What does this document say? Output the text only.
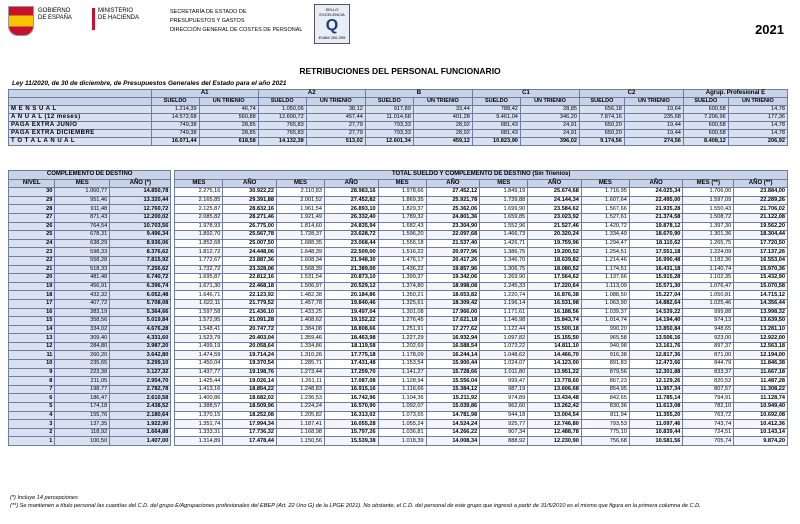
GOBIERNO
DE ESPAÑA
MINISTERIO
DE HACIENDA
SECRETARÍA DE ESTADO DE
PRESUPUESTOS Y GASTOS
DIRECCIÓN GENERAL DE COSTES DE PERSONAL
SELLO EXCELENCIA
Q
EVAM 200-299
2021
RETRIBUCIONES DEL PERSONAL FUNCIONARIO
Ley 11/2020, de 30 de diciembre, de Presupuestos Generales del Estado para el año 2021
	A1		A2		B		C1		C2		Agrup. Profesional E	
	SUELDO	UN TRIENIO	SUELDO	UN TRIENIO	SUELDO	UN TRIENIO	SUELDO	UN TRIENIO	SUELDO	UN TRIENIO	SUELDO	UN TRIENIO
M E N S U A L	1.214,39	46,74	1.050,06	38,12	917,89	33,44	788,42	28,85	656,18	19,64	600,58	14,78
A N U A L (12 meses)	14.572,68	560,88	12.600,72	457,44	11.014,68	401,28	9.461,04	346,20	7.874,16	235,68	7.206,96	177,36
PAGA EXTRA JUNIO	749,38	28,85	765,83	27,79	793,33	28,92	681,43	24,91	650,20	19,44	600,58	14,78
PAGA EXTRA DICIEMBRE	749,38	28,85	765,83	27,79	793,33	28,92	681,43	24,91	650,20	19,44	600,58	14,78
T O T A L A N U A L	16.071,44	618,58	14.132,38	513,02	12.601,34	459,12	10.823,90	396,02	9.174,56	274,56	8.408,12	206,92
COMPLEMENTO DE DESTINO				TOTAL SUELDO Y COMPLEMENTO DE DESTINO (Sin Trienios)											
NIVEL	MES	AÑO (*)		MES	AÑO	MES	AÑO	MES	AÑO	MES	AÑO	MES	AÑO	MES (**)	AÑO (**)
30	1.060,77	14.850,78		2.275,16	30.922,22	2.110,83	28.983,16	1.978,66	27.452,12	1.849,19	25.674,68	1.716,95	24.025,34	1.706,00	23.884,00
29	951,46	13.320,44		2.165,85	29.391,88	2.001,52	27.452,82	1.869,35	25.921,78	1.739,88	24.144,34	1.607,64	22.495,00	1.597,09	22.289,26
28	911,48	12.760,72		2.125,87	28.832,16	1.961,54	26.893,10	1.829,37	25.362,06	1.699,90	23.584,62	1.567,66	21.935,28	1.550,43	21.706,02
27	871,43	12.200,02		2.085,82	28.271,46	1.921,49	26.332,40	1.789,32	24.801,36	1.659,85	23.023,92	1.527,61	21.374,58	1.508,72	21.122,08
26	764,54	10.703,56		1.978,93	26.775,00	1.814,60	24.835,94	1.682,43	23.304,90	1.552,96	21.527,46	1.420,72	19.878,12	1.397,30	19.562,20
25	678,31	9.496,34		1.892,70	25.567,78	1.728,37	23.628,72	1.596,20	22.097,68	1.466,73	20.320,24	1.334,49	18.670,90	1.301,36	18.304,44
24	638,29	8.936,06		1.852,68	25.007,50	1.688,35	23.068,44	1.556,18	21.537,40	1.426,71	19.759,96	1.294,47	18.110,62	1.265,75	17.720,50
23	598,33	8.376,62		1.812,72	24.448,06	1.648,39	22.509,00	1.516,22	20.977,96	1.386,75	19.200,52	1.254,51	17.551,18	1.224,09	17.137,26
22	558,28	7.815,92		1.772,67	23.887,36	1.608,34	21.948,30	1.476,17	20.417,26	1.346,70	18.639,82	1.214,46	16.990,48	1.182,36	16.553,04
21	518,33	7.256,62		1.732,72	23.328,06	1.568,39	21.389,00	1.436,22	19.857,96	1.306,75	18.080,52	1.174,51	16.431,18	1.140,74	15.970,36
20	481,48	6.740,72		1.695,87	22.812,16	1.531,54	20.873,10	1.399,37	19.342,06	1.269,90	17.564,62	1.137,66	15.915,28	1.102,35	15.432,90
19	456,91	6.396,74		1.671,30	22.468,18	1.506,97	20.529,12	1.374,80	18.998,08	1.245,33	17.220,64	1.113,09	15.571,30	1.076,47	15.070,58
18	432,32	6.052,48		1.646,71	22.123,92	1.482,38	20.184,86	1.350,21	18.653,82	1.220,74	16.876,38	1.088,50	15.227,04	1.050,81	14.715,12
17	407,72	5.708,08		1.622,11	21.779,52	1.457,78	19.840,46	1.325,61	18.309,42	1.196,14	16.531,98	1.063,90	14.882,64	1.025,46	14.356,44
16	383,19	5.364,66		1.597,58	21.436,10	1.433,25	19.497,04	1.301,08	17.966,00	1.171,61	16.188,56	1.039,37	14.539,22	999,88	13.998,32
15	358,56	5.019,84		1.572,95	21.091,28	1.408,62	19.152,22	1.276,45	17.621,18	1.146,98	15.843,74	1.014,74	14.194,40	974,13	13.639,50
14	334,02	4.676,28		1.548,41	20.747,72	1.384,08	18.808,66	1.251,91	17.277,62	1.122,44	15.500,18	990,20	13.850,84	948,65	13.281,10
13	309,40	4.331,60		1.523,79	20.403,04	1.359,46	18.463,98	1.227,29	16.932,94	1.097,82	15.155,50	965,58	13.506,16	923,00	12.922,00
12	284,80	3.987,20		1.499,19	20.058,64	1.334,86	18.119,58	1.202,69	16.588,54	1.073,22	14.811,10	940,98	13.161,76	897,37	12.563,18
11	260,20	3.642,80		1.474,59	19.714,24	1.310,26	17.775,18	1.178,09	16.244,14	1.048,62	14.466,70	916,38	12.817,36	871,00	12.194,00
10	235,65	3.299,10		1.450,04	19.370,54	1.285,71	17.431,48	1.153,54	15.900,44	1.024,07	14.123,00	891,83	12.473,66	844,79	11.846,38
9	223,38	3.127,32		1.437,77	19.198,76	1.273,44	17.259,70	1.141,27	15.728,66	1.011,80	13.951,22	879,56	12.301,88	833,37	11.667,18
8	211,05	2.954,70		1.425,44	19.026,14	1.261,11	17.087,08	1.128,94	15.556,04	999,47	13.778,60	867,23	12.129,26	820,52	11.487,28
7	198,77	2.782,78		1.413,16	18.854,22	1.248,83	16.915,16	1.116,66	15.384,12	987,19	13.606,68	854,95	11.957,34	807,57	11.308,22
6	186,47	2.610,58		1.400,86	18.682,02	1.236,53	16.742,96	1.104,36	15.211,92	974,89	13.434,48	842,65	11.785,14	794,91	11.128,74
5	174,18	2.438,52		1.388,57	18.509,96	1.224,24	16.570,90	1.092,07	15.039,86	962,60	13.262,42	830,36	11.613,08	782,10	10.949,40
4	155,76	2.180,64		1.370,15	18.252,08	1.205,82	16.313,02	1.073,65	14.781,98	944,18	13.004,54	811,94	11.355,20	763,72	10.692,08
3	137,35	1.922,90		1.351,74	17.994,34	1.187,41	16.055,28	1.055,24	14.524,24	925,77	12.746,80	793,53	11.097,46	743,74	10.412,36
2	118,92	1.664,88		1.333,31	17.736,32	1.168,98	15.797,26	1.036,81	14.266,22	907,34	12.488,78	775,10	10.839,44	724,51	10.143,14
1	100,50	1.407,00		1.314,89	17.478,44	1.150,56	15.539,38	1.018,39	14.008,34	888,92	12.230,90	756,68	10.581,56	705,74	9.874,20
(*) Incluye 14 percepciones
(**) Se mantienen a título personal las cuantías del C.D. del grupo E/Agrupaciones profesionales del EBEP (Art. 22 Uno G) de la LPGE 2021). No obstante, el C.D. del personal de este grupo que ingresó a partir de 31/5/2010 es el mismo que figura en la primera columna de C.D.
